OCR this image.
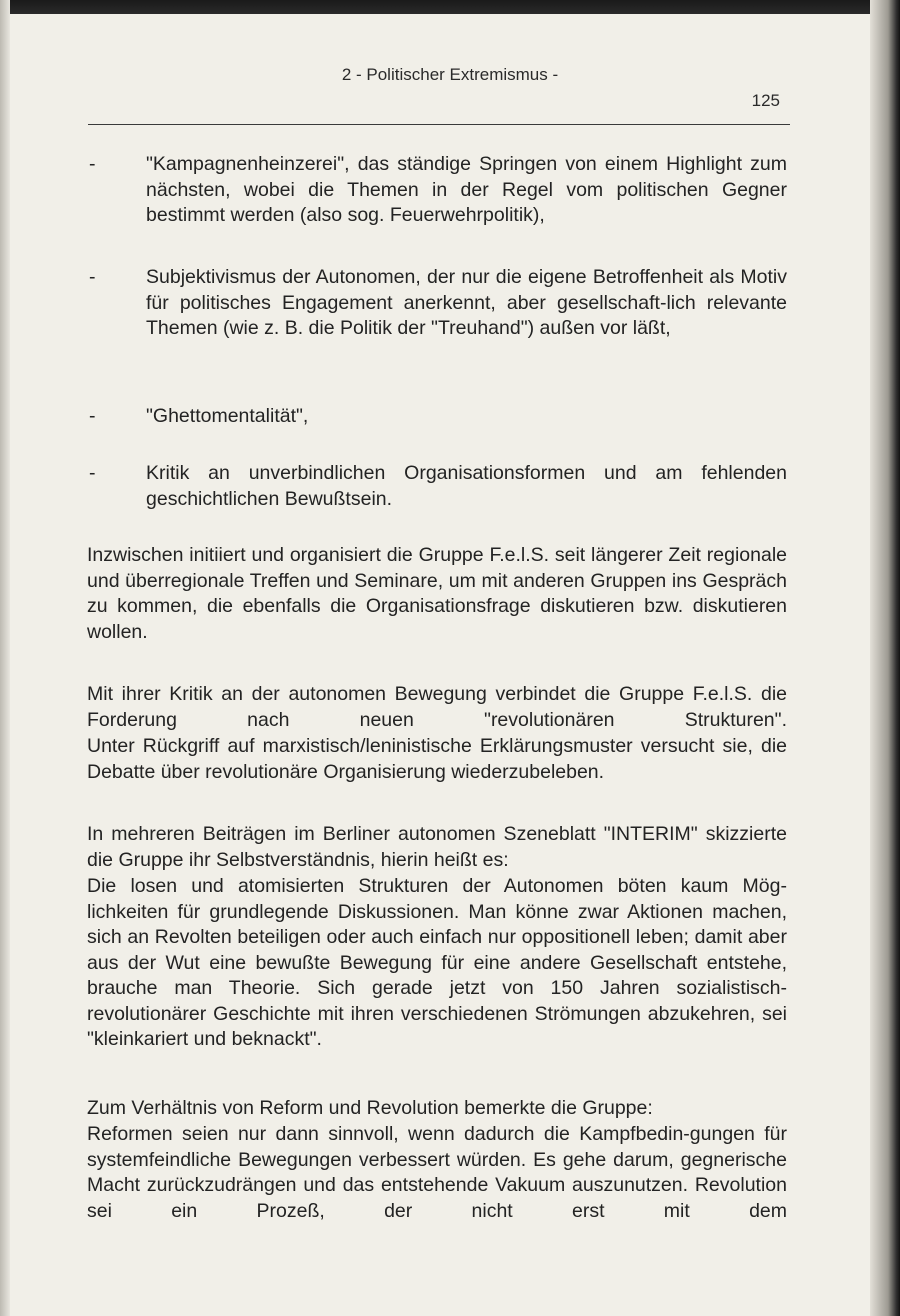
2 - Politischer Extremismus -
125
-	"Kampagnenheinzerei", das ständige Springen von einem Highlight zum nächsten, wobei die Themen in der Regel vom politischen Gegner bestimmt werden (also sog. Feuerwehrpolitik),
-	Subjektivismus der Autonomen, der nur die eigene Betroffenheit als Motiv für politisches Engagement anerkennt, aber gesellschaft-lich relevante Themen (wie z. B. die Politik der "Treuhand") außen vor läßt,
-	"Ghettomentalität",
-	Kritik an unverbindlichen Organisationsformen und am fehlenden geschichtlichen Bewußtsein.

Inzwischen initiiert und organisiert die Gruppe F.e.l.S. seit längerer Zeit regionale und überregionale Treffen und Seminare, um mit anderen Gruppen ins Gespräch zu kommen, die ebenfalls die Organisationsfrage diskutieren bzw. diskutieren wollen.

Mit ihrer Kritik an der autonomen Bewegung verbindet die Gruppe F.e.l.S. die Forderung nach neuen "revolutionären Strukturen".

Unter Rückgriff auf marxistisch/leninistische Erklärungsmuster versucht sie, die Debatte über revolutionäre Organisierung wiederzubeleben.

In mehreren Beiträgen im Berliner autonomen Szeneblatt "INTERIM" skizzierte die Gruppe ihr Selbstverständnis, hierin heißt es:

Die losen und atomisierten Strukturen der Autonomen böten kaum Mög-lichkeiten für grundlegende Diskussionen. Man könne zwar Aktionen machen, sich an Revolten beteiligen oder auch einfach nur oppositionell leben; damit aber aus der Wut eine bewußte Bewegung für eine andere Gesellschaft entstehe, brauche man Theorie. Sich gerade jetzt von 150 Jahren sozialistisch-revolutionärer Geschichte mit ihren verschiedenen Strömungen abzukehren, sei "kleinkariert und beknackt".

Zum Verhältnis von Reform und Revolution bemerkte die Gruppe:

Reformen seien nur dann sinnvoll, wenn dadurch die Kampfbedin-gungen für systemfeindliche Bewegungen verbessert würden. Es gehe darum, gegnerische Macht zurückzudrängen und das entstehende Vakuum auszunutzen. Revolution sei ein Prozeß, der nicht erst mit dem
